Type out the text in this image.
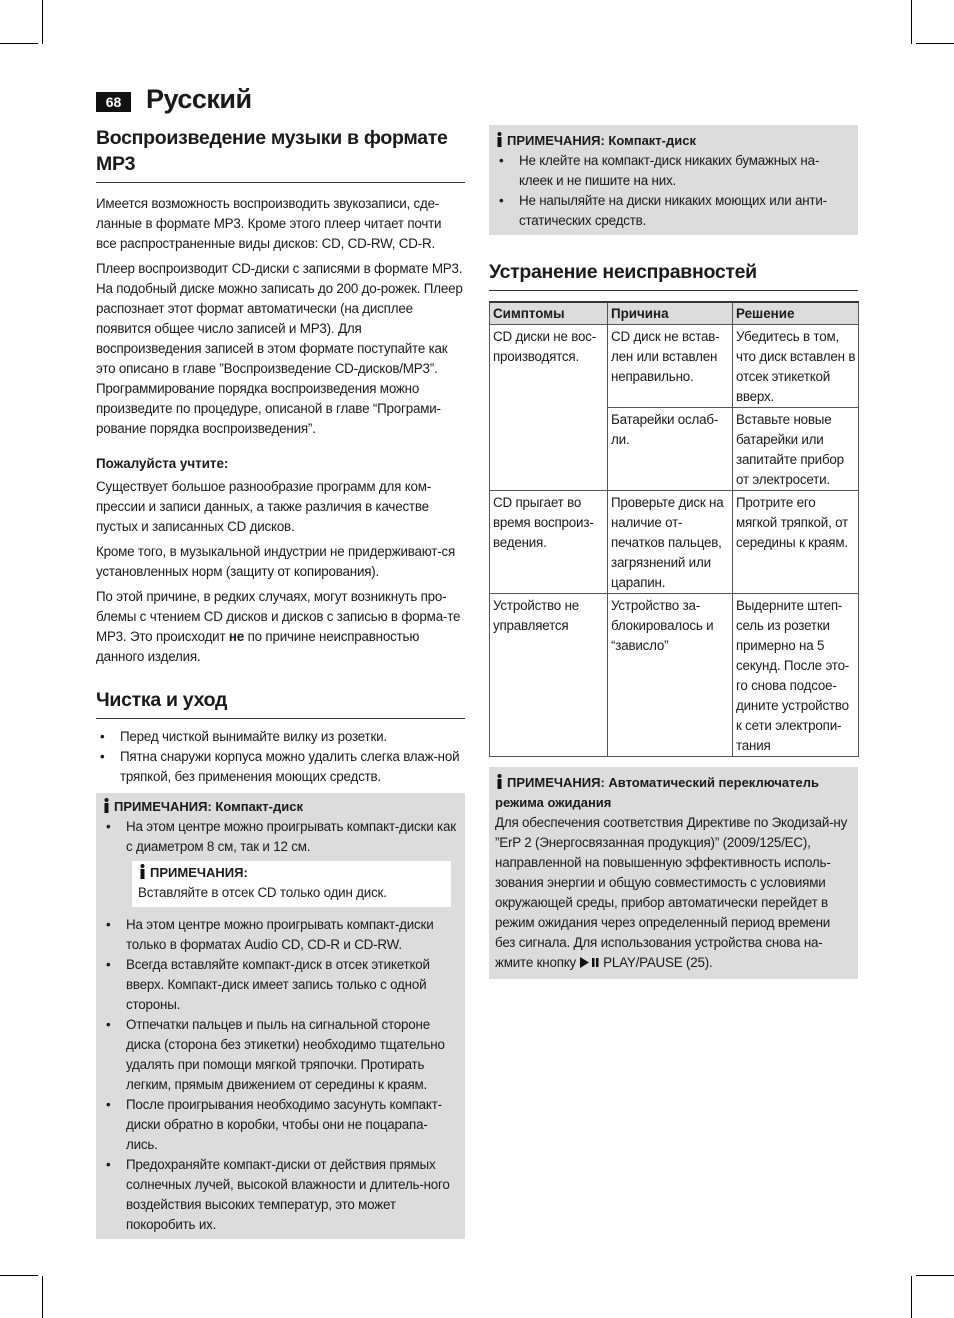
68 Русский
Воспроизведение музыки в формате MP3

Имеется возможность воспроизводить звукозаписи, сде-ланные в формате MP3. Кроме этого плеер читает почти все распространенные виды дисков: CD, CD-RW, CD-R.

Плеер воспроизводит CD-диски с записями в формате MP3. На подобный диске можно записать до 200 до-рожек. Плеер распознает этот формат автоматически (на дисплее появится общее число записей и MP3). Для воспроизведения записей в этом формате поступайте как это описано в главе ”Воспроизведение CD-дисков/MP3”. Программирование порядка воспроизведения можно произведите по процедуре, описаной в главе “Програми-рование порядка воспроизведения”.

Пожалуйста учтите:

Существует большое разнообразие программ для ком-прессии и записи данных, а также различия в качестве пустых и записанных CD дисков.

Кроме того, в музыкальной индустрии не придерживают-ся установленных норм (защиту от копирования).

По этой причине, в редких случаях, могут возникнуть про-блемы с чтением CD дисков и дисков с записью в форма-те MP3. Это происходит не по причине неисправностью данного изделия.

Чистка и уход
• Перед чисткой вынимайте вилку из розетки.
• Пятна снаружи корпуса можно удалить слегка влаж-ной тряпкой, без применения моющих средств.
ПРИМЕЧАНИЯ: Компакт-диск
• На этом центре можно проигрывать компакт-диски как с диаметром 8 см, так и 12 см.
ПРИМЕЧАНИЯ:

Вставляйте в отсек CD только один диск.

• На этом центре можно проигрывать компакт-диски только в форматах Audio CD, CD-R и CD-RW.
• Всегда вставляйте компакт-диск в отсек этикеткой вверх. Компакт-диск имеет запись только с одной стороны.
• Отпечатки пальцев и пыль на сигнальной стороне диска (сторона без этикетки) необходимо тщательно удалять при помощи мягкой тряпочки. Протирать легким, прямым движением от середины к краям.
• После проигрывания необходимо засунуть компакт-диски обратно в коробки, чтобы они не поцарапа-лись.
• Предохраняйте компакт-диски от действия прямых солнечных лучей, высокой влажности и длитель-ного воздействия высоких температур, это может покоробить их.
ПРИМЕЧАНИЯ: Компакт-диск
• Не клейте на компакт-диск никаких бумажных на-клеек и не пишите на них.
• Не напыляйте на диски никаких моющих или анти-статических средств.
Устранение неисправностей
Симптомы	Причина	Решение
CD диски не вос-производятся.	CD диск не встав-лен или вставлен неправильно.	Убедитесь в том, что диск вставлен в отсек этикеткой вверх.
	Батарейки ослаб-ли.	Вставьте новые батарейки или запитайте прибор от электросети.
CD прыгает во время воспроиз-ведения.	Проверьте диск на наличие от-печатков пальцев, загрязнений или царапин.	Протрите его мягкой тряпкой, от середины к краям.
Устройство не управляется	Устройство за-блокировалось и “зависло”	Выдерните штеп-сель из розетки примерно на 5 секунд. После это-го снова подсое-дините устройство к сети электропи-тания
ПРИМЕЧАНИЯ: Автоматический переключатель режима ожидания

Для обеспечения соответствия Директиве по Экодизай-ну ”ErP 2 (Энергосвязанная продукция)” (2009/125/EC), направленной на повышенную эффективность исполь-зования энергии и общую совместимость с условиями окружающей среды, прибор автоматически перейдет в режим ожидания через определенный период времени без сигнала. Для использования устройства снова на-жмите кнопку PLAY/PAUSE (25).
